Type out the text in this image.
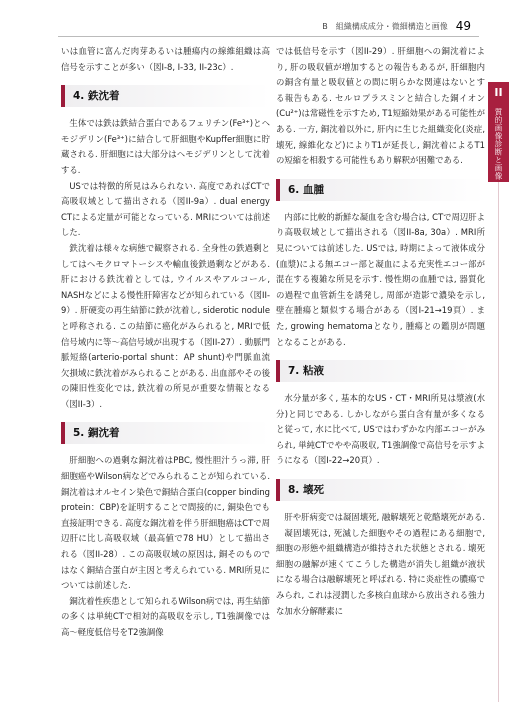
B　組織構成成分・微細構造と画像 49

いは血管に富んだ肉芽あるいは腫瘍内の線維組織は高信号を示すことが多い（図I-8, I-33, II-23c）.

4. 鉄沈着

生体では鉄は鉄結合蛋白であるフェリチン(Fe³⁺)とヘモジデリン(Fe³⁺)に結合して肝細胞やKupffer細胞に貯蔵される. 肝細胞には大部分はヘモジデリンとして沈着する.

USでは特徴的所見はみられない. 高度であればCTで高吸収域として描出される（図II-9a）. dual energy CTによる定量が可能となっている. MRIについては前述した.

鉄沈着は様々な病態で観察される. 全身性の鉄過剰としてはヘモクロマトーシスや輸血後鉄過剰などがある. 肝における鉄沈着としては, ウイルスやアルコール, NASHなどによる慢性肝障害などが知られている（図II-9）. 肝硬変の再生結節に鉄が沈着し, siderotic noduleと呼称される. この結節に癌化がみられると, MRIで低信号域内に等～高信号域が出現する（図II-27）. 動脈門脈短絡(arterio-portal shunt：AP shunt)や門脈血流欠損域に鉄沈着がみられることがある. 出血部やその後の陳旧性変化では, 鉄沈着の所見が重要な情報となる（図II-3）.

5. 銅沈着

肝細胞への過剰な銅沈着はPBC, 慢性胆汁うっ滞, 肝細胞癌やWilson病などでみられることが知られている. 銅沈着はオルセイン染色で銅結合蛋白(copper binding protein：CBP)を証明することで間接的に, 銅染色でも直接証明できる. 高度な銅沈着を伴う肝細胞癌はCTで周辺肝に比し高吸収域（最高値で78 HU）として描出される（図II-28）. この高吸収域の原因は, 銅そのものではなく銅結合蛋白が主因と考えられている. MRI所見については前述した.

銅沈着性疾患として知られるWilson病では, 再生結節の多くは単純CTで相対的高吸収を示し, T1強調像では高～軽度低信号をT2強調像

では低信号を示す（図II-29）. 肝細胞への銅沈着により, 肝の吸収値が増加するとの報告もあるが, 肝細胞内の銅含有量と吸収値との間に明らかな関連はないとする報告もある. セルロプラスミンと結合した銅イオン(Cu²⁺)は常磁性を示すため, T1短縮効果がある可能性がある. 一方, 銅沈着以外に, 肝内に生じた組織変化(炎症, 壊死, 線維化など)によりT1が延長し, 銅沈着によるT1の短縮を相殺する可能性もあり解釈が困難である.

6. 血腫

内部に比較的新鮮な凝血を含む場合は, CTで周辺肝より高吸収域として描出される（図II-8a, 30a）. MRI所見については前述した. USでは, 時期によって液体成分(血漿)による無エコー部と凝血による充実性エコー部が混在する複雑な所見を示す. 慢性期の血腫では, 器質化の過程で血管新生を誘発し, 周部が造影で濃染を示し, 壁在腫瘍と類似する場合がある（図I-21→19頁）. また, growing hematomaとなり, 腫瘍との鑑別が問題となることがある.

7. 粘液

水分量が多く, 基本的なUS・CT・MRI所見は漿液(水分)と同じである. しかしながら蛋白含有量が多くなると従って, 水に比べて, USではわずかな内部エコーがみられ, 単純CTでやや高吸収, T1強調像で高信号を示すようになる（図I-22→20頁）.

8. 壊死

肝や肝病変では凝固壊死, 融解壊死と乾酪壊死がある.

凝固壊死は, 死滅した細胞やその過程にある細胞で, 細胞の形態や組織構造が維持された状態とされる. 壊死細胞の融解が速くてこうした構造が消失し組織が液状になる場合は融解壊死と呼ばれる. 特に炎症性の膿瘍でみられ, これは浸潤した多核白血球から放出される強力な加水分解酵素に

II
質的画像診断と画像
